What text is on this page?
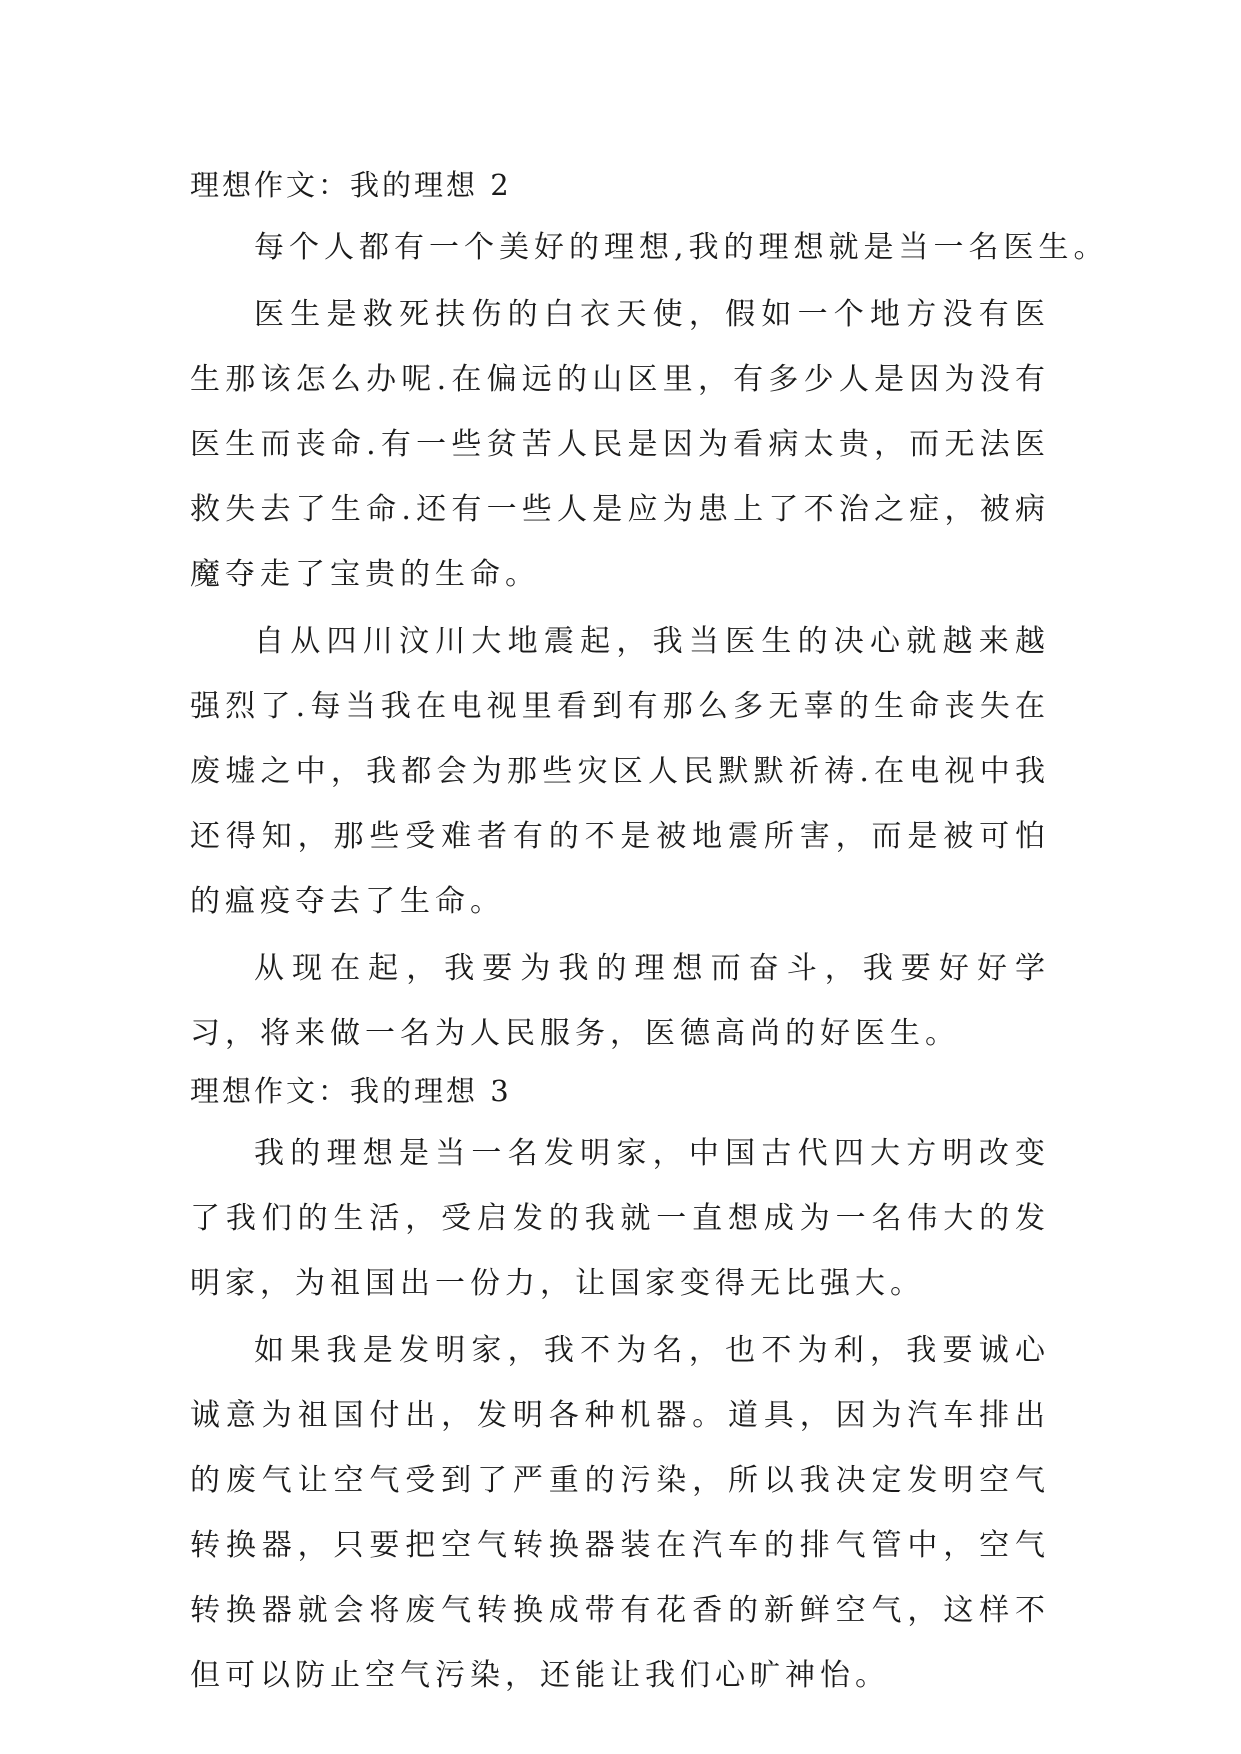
理想作文：我的理想 2

每个人都有一个美好的理想,我的理想就是当一名医生。

医生是救死扶伤的白衣天使，假如一个地方没有医生那该怎么办呢.在偏远的山区里，有多少人是因为没有医生而丧命.有一些贫苦人民是因为看病太贵，而无法医救失去了生命.还有一些人是应为患上了不治之症，被病魔夺走了宝贵的生命。

自从四川汶川大地震起，我当医生的决心就越来越强烈了.每当我在电视里看到有那么多无辜的生命丧失在废墟之中，我都会为那些灾区人民默默祈祷.在电视中我还得知，那些受难者有的不是被地震所害，而是被可怕的瘟疫夺去了生命。

从现在起，我要为我的理想而奋斗，我要好好学习，将来做一名为人民服务，医德高尚的好医生。

理想作文：我的理想 3

我的理想是当一名发明家，中国古代四大方明改变了我们的生活，受启发的我就一直想成为一名伟大的发明家，为祖国出一份力，让国家变得无比强大。

如果我是发明家，我不为名，也不为利，我要诚心诚意为祖国付出，发明各种机器。道具，因为汽车排出的废气让空气受到了严重的污染，所以我决定发明空气转换器，只要把空气转换器装在汽车的排气管中，空气转换器就会将废气转换成带有花香的新鲜空气，这样不但可以防止空气污染，还能让我们心旷神怡。
